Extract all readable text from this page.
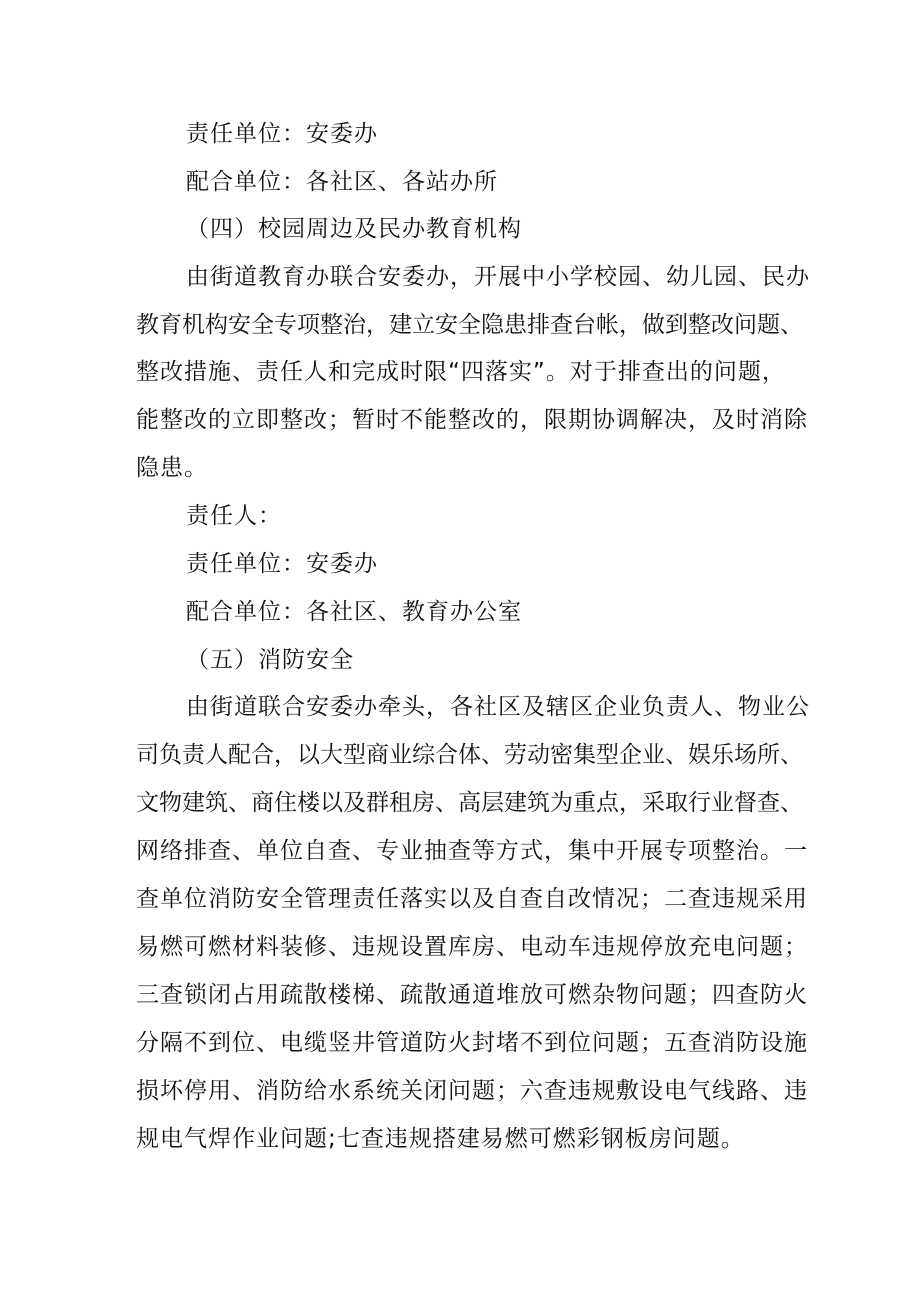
责任单位：安委办
配合单位：各社区、各站办所
（四）校园周边及民办教育机构
由街道教育办联合安委办，开展中小学校园、幼儿园、民办
教育机构安全专项整治，建立安全隐患排查台帐，做到整改问题、
整改措施、责任人和完成时限“四落实”。对于排查出的问题，
能整改的立即整改；暂时不能整改的，限期协调解决，及时消除
隐患。
责任人：
责任单位：安委办
配合单位：各社区、教育办公室
（五）消防安全
由街道联合安委办牵头，各社区及辖区企业负责人、物业公
司负责人配合，以大型商业综合体、劳动密集型企业、娱乐场所、
文物建筑、商住楼以及群租房、高层建筑为重点，采取行业督查、
网络排查、单位自查、专业抽查等方式，集中开展专项整治。一
查单位消防安全管理责任落实以及自查自改情况；二查违规采用
易燃可燃材料装修、违规设置库房、电动车违规停放充电问题；
三查锁闭占用疏散楼梯、疏散通道堆放可燃杂物问题；四查防火
分隔不到位、电缆竖井管道防火封堵不到位问题；五查消防设施
损坏停用、消防给水系统关闭问题；六查违规敷设电气线路、违
规电气焊作业问题;七查违规搭建易燃可燃彩钢板房问题。
